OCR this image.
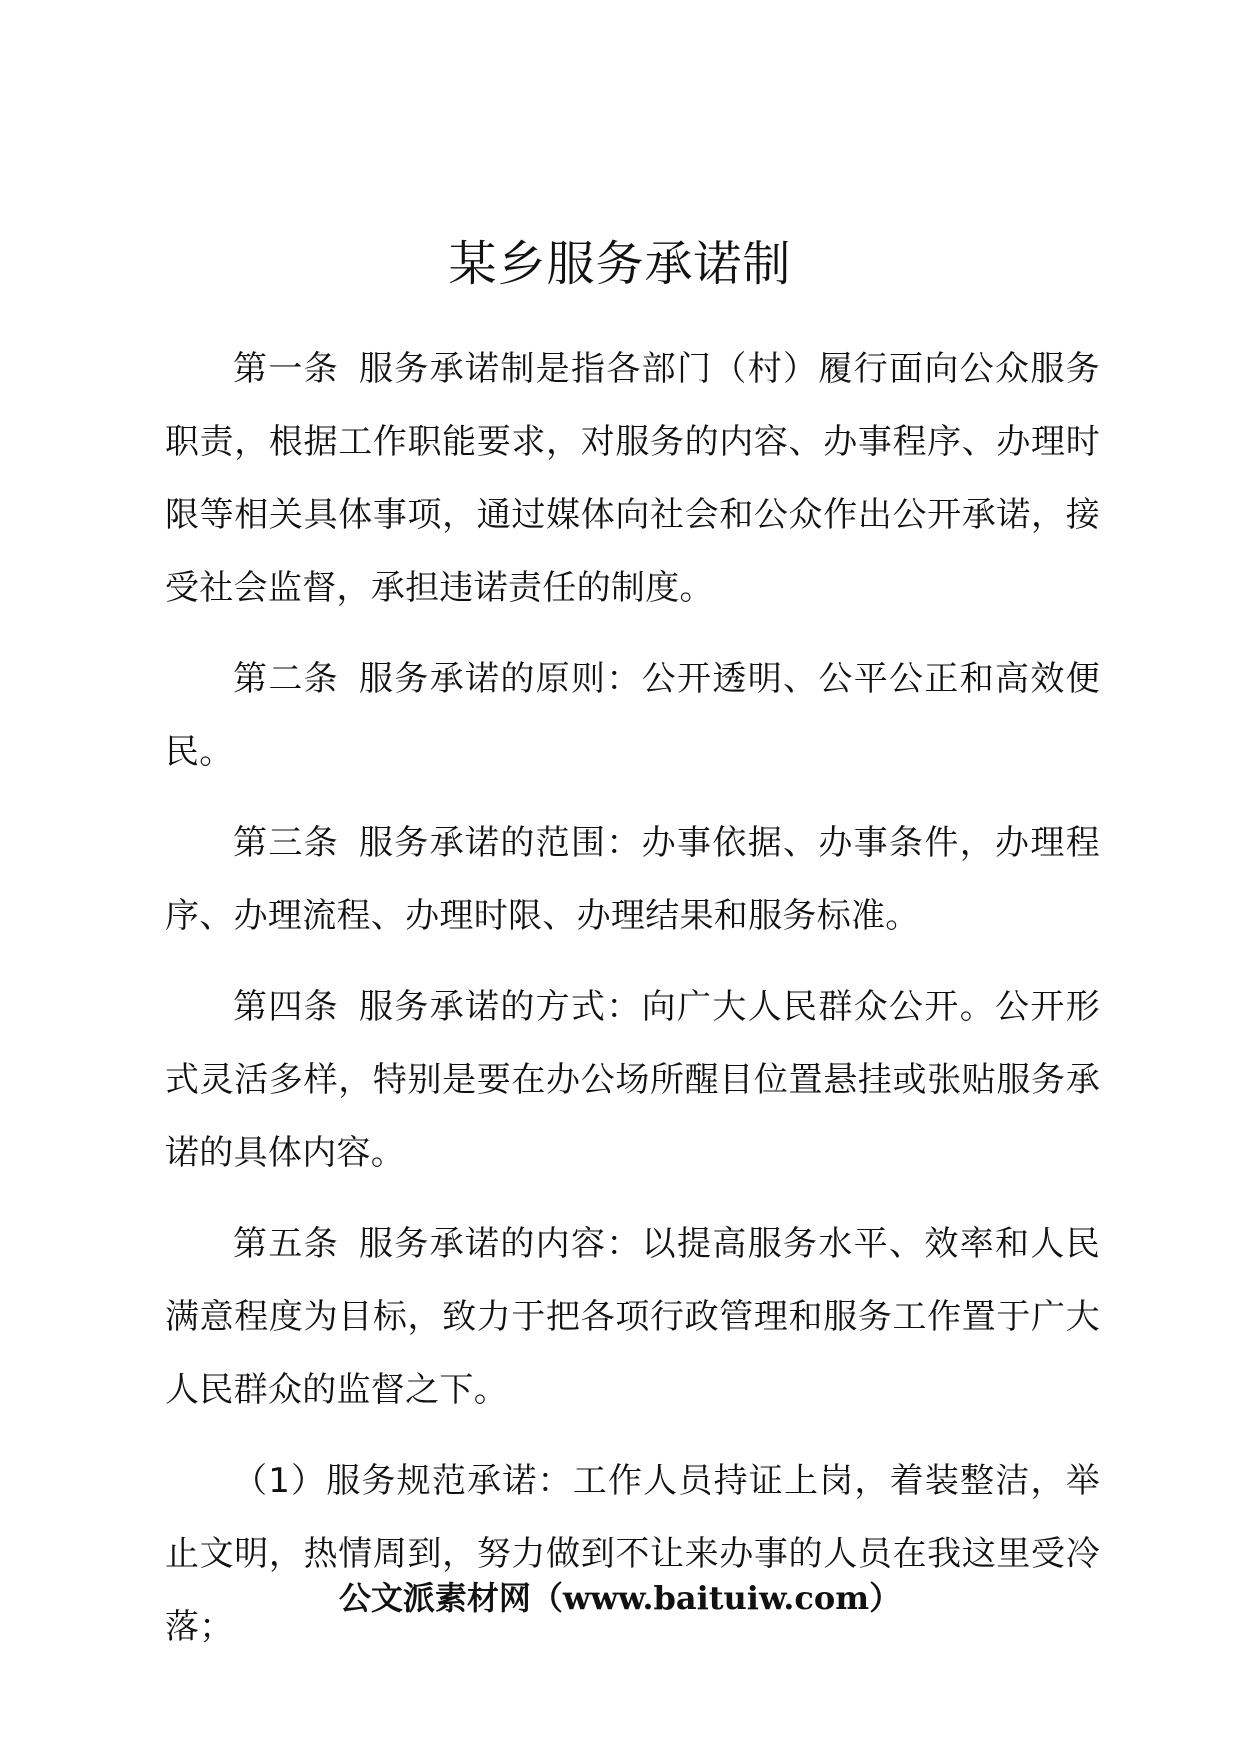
某乡服务承诺制

第一条 服务承诺制是指各部门（村）履行面向公众服务职责，根据工作职能要求，对服务的内容、办事程序、办理时限等相关具体事项，通过媒体向社会和公众作出公开承诺，接受社会监督，承担违诺责任的制度。

第二条 服务承诺的原则：公开透明、公平公正和高效便民。

第三条 服务承诺的范围：办事依据、办事条件，办理程序、办理流程、办理时限、办理结果和服务标准。

第四条 服务承诺的方式：向广大人民群众公开。公开形式灵活多样，特别是要在办公场所醒目位置悬挂或张贴服务承诺的具体内容。

第五条 服务承诺的内容：以提高服务水平、效率和人民满意程度为目标，致力于把各项行政管理和服务工作置于广大人民群众的监督之下。

（1）服务规范承诺：工作人员持证上岗，着装整洁，举止文明，热情周到，努力做到不让来办事的人员在我这里受冷落；

公文派素材网（www.baituiw.com）
